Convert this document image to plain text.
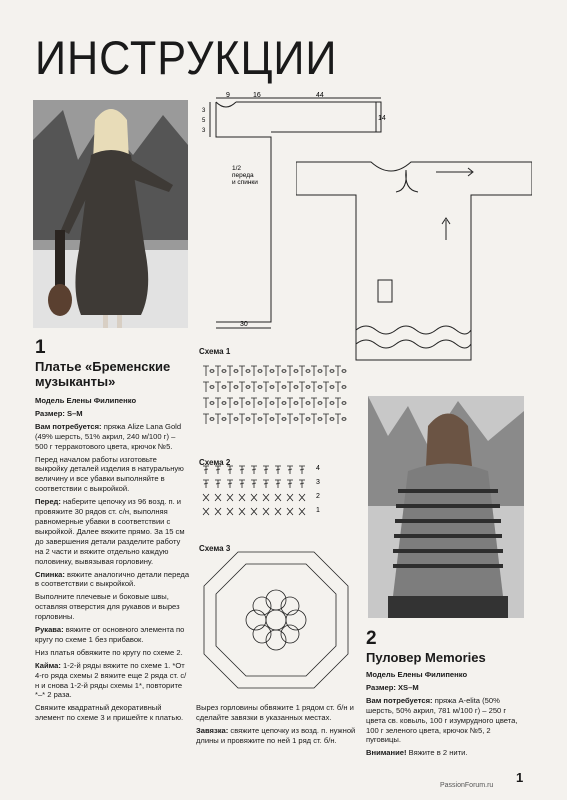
ИНСТРУКЦИИ
9	16	44
3
5
3
14
30
1/2
переда
и спинки
1
Платье «Бременские
музыканты»
Модель Елены Филипенко
Размер: S–M
Вам потребуется: пряжа Alize Lana Gold (49% шерсть, 51% акрил, 240 м/100 г) – 500 г терракотового цвета, крючок №5.
Перед началом работы изготовьте выкройку деталей изделия в натуральную величину и все убавки выполняйте в соответствии с выкройкой.
Перед: наберите цепочку из 96 возд. п. и провяжите 30 рядов ст. с/н, выполняя равномерные убавки в соответствии с выкройкой. Далее вяжите прямо. За 15 см до завершения детали разделите работу на 2 части и вяжите отдельно каждую половинку, вывязывая горловину.
Спинка: вяжите аналогично детали переда в соответствии с выкройкой.
Выполните плечевые и боковые швы, оставляя отверстия для рукавов и вырез горловины.
Рукава: вяжите от основного элемента по кругу по схеме 1 без прибавок.
Низ платья обвяжите по кругу по схеме 2.
Кайма: 1-2-й ряды вяжите по схеме 1. *От 4-го ряда схемы 2 вяжите еще 2 ряда ст. с/н и снова 1-2-й ряды схемы 1*, повторите *–* 2 раза.
Свяжите квадратный декоративный элемент по схеме 3 и пришейте к платью.
Схема 1
Схема 2
4
3
2
1
Схема 3
Вырез горловины обвяжите 1 рядом ст. б/н и сделайте завязки в указанных местах.
Завязка: свяжите цепочку из возд. п. нужной длины и провяжите по ней 1 ряд ст. б/н.
2
Пуловер Memories
Модель Елены Филипенко
Размер: XS–M
Вам потребуется: пряжа A-elita (50% шерсть, 50% акрил, 781 м/100 г) – 250 г цвета св. ковыль, 100 г изумрудного цвета, 100 г зеленого цвета, крючок №5, 2 пуговицы.
Внимание! Вяжите в 2 нити.
1
PassionForum.ru
